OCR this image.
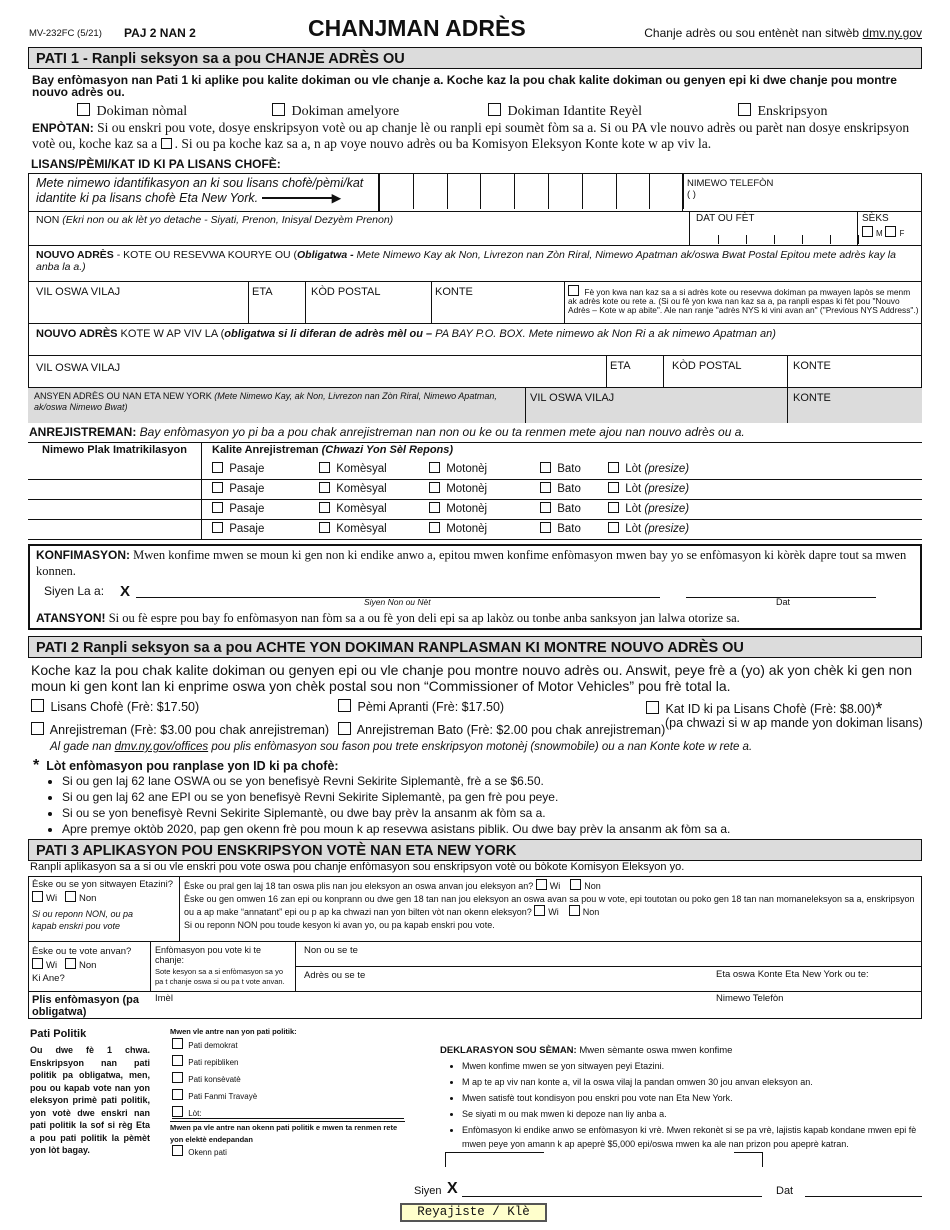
MV-232FC (5/21) PAJ 2 NAN 2	CHANJMAN ADRÈS	Chanje adrès ou sou entènèt nan sitwèb dmv.ny.gov
PATI 1 - Ranpli seksyon sa a pou CHANJE ADRÈS OU
Bay enfòmasyon nan Pati 1 ki aplike pou kalite dokiman ou vle chanje a. Koche kaz la pou chak kalite dokiman ou genyen epi ki dwe chanje pou montre nouvo adrès ou.
Dokiman nòmal	Dokiman amelyore	Dokiman Idantite Reyèl	Enskripsyon
ENPÒTAN: Si ou enskri pou vote, dosye enskripsyon votè ou ap chanje lè ou ranpli epi soumèt fòm sa a. Si ou PA vle nouvo adrès ou parèt nan dosye enskripsyon votè ou, koche kaz sa a . Si ou pa koche kaz sa a, n ap voye nouvo adrès ou ba Komisyon Eleksyon Konte kote w ap viv la.
LISANS/PÈMI/KAT ID KI PA LISANS CHOFÈ:
Mete nimewo idantifikasyon an ki sou lisans chofè/pèmi/kat idantite ki pa lisans chofè Eta New York.	▶
NIMEWO TELEFÒN
( )
NON (Ekri non ou ak lèt yo detache - Siyati, Prenon, Inisyal Dezyèm Prenon)	DAT OU FÈT	SÈKS
M F
NOUVO ADRÈS - KOTE OU RESEVWA KOURYE OU (Obligatwa - Mete Nimewo Kay ak Non, Livrezon nan Zòn Riral, Nimewo Apatman ak/oswa Bwat Postal Epitou mete adrès kay la anba la a.)
VIL OSWA VILAJ	ETA	KÒD POSTAL	KONTE	Fè yon kwa nan kaz sa a si adrès kote ou resevwa dokiman pa mwayen lapòs se menm ak adrès kote ou rete a. (Si ou fè yon kwa nan kaz sa a, pa ranpli espas ki fèt pou "Nouvo Adrès – Kote w ap abite". Ale nan ranje "adrès NYS ki vini avan an" ("Previous NYS Address".)
NOUVO ADRÈS KOTE W AP VIV LA (obligatwa si li diferan de adrès mèl ou – PA BAY P.O. BOX. Mete nimewo ak Non Ri a ak nimewo Apatman an)
VIL OSWA VILAJ	ETA	KÒD POSTAL	KONTE
ANSYEN ADRÈS OU NAN ETA NEW YORK (Mete Nimewo Kay, ak Non, Livrezon nan Zòn Riral, Nimewo Apatman, ak/oswa Nimewo Bwat)
VIL OSWA VILAJ	KONTE
ANREJISTREMAN: Bay enfòmasyon yo pi ba a pou chak anrejistreman nan non ou ke ou ta renmen mete ajou nan nouvo adrès ou a.
Nimewo Plak Imatrikilasyon	Kalite Anrejistreman (Chwazi Yon Sèl Repons)
Pasaje	Komèsyal	Motonèj	Bato	Lòt (presize)
Pasaje	Komèsyal	Motonèj	Bato	Lòt (presize)
Pasaje	Komèsyal	Motonèj	Bato	Lòt (presize)
Pasaje	Komèsyal	Motonèj	Bato	Lòt (presize)
KONFIMASYON: Mwen konfime mwen se moun ki gen non ki endike anwo a, epitou mwen konfime enfòmasyon mwen bay yo se enfòmasyon ki kòrèk dapre tout sa mwen konnen.
Siyen La a: X
Siyen Non ou Nèt	Dat
ATANSYON! Si ou fè espre pou bay fo enfòmasyon nan fòm sa a ou fè yon deli epi sa ap lakòz ou tonbe anba sanksyon jan lalwa otorize sa.
PATI 2 Ranpli seksyon sa a pou ACHTE YON DOKIMAN RANPLASMAN KI MONTRE NOUVO ADRÈS OU
Koche kaz la pou chak kalite dokiman ou genyen epi ou vle chanje pou montre nouvo adrès ou. Answit, peye frè a (yo) ak yon chèk ki gen non moun ki gen kont lan ki enprime oswa yon chèk postal sou non “Commissioner of Motor Vehicles” pou frè total la.
Lisans Chofè (Frè: $17.50)	Pèmi Apranti (Frè: $17.50)	Kat ID ki pa Lisans Chofè (Frè: $8.00)*
(pa chwazi si w ap mande yon dokiman lisans)
Anrejistreman (Frè: $3.00 pou chak anrejistreman)	Anrejistreman Bato (Frè: $2.00 pou chak anrejistreman)
Al gade nan dmv.ny.gov/offices pou plis enfòmasyon sou fason pou trete enskripsyon motonèj (snowmobile) ou a nan Konte kote w rete a.
* Lòt enfòmasyon pou ranplase yon ID ki pa chofè:
• Si ou gen laj 62 lane OSWA ou se yon benefisyè Revni Sekirite Siplemantè, frè a se $6.50.
• Si ou gen laj 62 ane EPI ou se yon benefisyè Revni Sekirite Siplemantè, pa gen frè pou peye.
• Si ou se yon benefisyè Revni Sekirite Siplemantè, ou dwe bay prèv la ansanm ak fòm sa a.
• Apre premye oktòb 2020, pap gen okenn frè pou moun k ap resevwa asistans piblik. Ou dwe bay prèv la ansanm ak fòm sa a.
PATI 3 APLIKASYON POU ENSKRIPSYON VOTÈ NAN ETA NEW YORK
Ranpli aplikasyon sa a si ou vle enskri pou vote oswa pou chanje enfòmasyon sou enskripsyon votè ou bòkote Komisyon Eleksyon yo.
Èske ou se yon sitwayen Etazini?
Wi Non
Si ou reponn NON, ou pa kapab enskri pou vote
Èske ou pral gen laj 18 tan oswa plis nan jou eleksyon an oswa anvan jou eleksyon an? Wi	Non
Èske ou gen omwen 16 zan epi ou konprann ou dwe gen 18 tan nan jou eleksyon an oswa avan sa pou w vote, epi toutotan ou poko gen 18 tan nan momaneleksyon sa a, enskripsyon ou a ap make “annatant” epi ou p ap ka chwazi nan yon bilten vòt nan okenn eleksyon? Wi	Non
Si ou reponn NON pou toude kesyon ki avan yo, ou pa kapab enskri pou vote.
Èske ou te vote anvan?
Wi Non
Ki Ane?
Enfòmasyon pou vote ki te chanje:
Sote kesyon sa a si enfòmasyon sa yo pa t chanje oswa si ou pa t vote anvan.
Non ou se te
Adrès ou se te	Eta oswa Konte Eta New York ou te:
Plis enfòmasyon (pa obligatwa)
Imèl	Nimewo Telefòn
Pati Politik
Ou dwe fè 1 chwa. Enskripsyon nan pati politik pa obligatwa, men, pou ou kapab vote nan yon eleksyon primè pati politik, yon votè dwe enskri nan pati politik la sof si règ Eta a pou pati politik la pèmèt yon lòt bagay.
Mwen vle antre nan yon pati politik:
Pati demokrat
Pati repibliken
Pati konsèvatè
Pati Fanmi Travayè
Lòt:
Mwen pa vle antre nan okenn pati politik e mwen ta renmen rete yon elektè endepandan
Okenn pati
DEKLARASYON SOU SÈMAN: Mwen sèmante oswa mwen konfime
• Mwen konfime mwen se yon sitwayen peyi Etazini.
• M ap te ap viv nan konte a, vil la oswa vilaj la pandan omwen 30 jou anvan eleksyon an.
• Mwen satisfè tout kondisyon pou enskri pou vote nan Eta New York.
• Se siyati m ou mak mwen ki depoze nan liy anba a.
• Enfòmasyon ki endike anwo se enfòmasyon ki vrè. Mwen rekonèt si se pa vrè, lajistis kapab kondane mwen epi fè mwen peye yon amann k ap apeprè $5,000 epi/oswa mwen ka ale nan prizon pou apeprè katran.
Siyen X	Dat
Reyajiste / Klè
